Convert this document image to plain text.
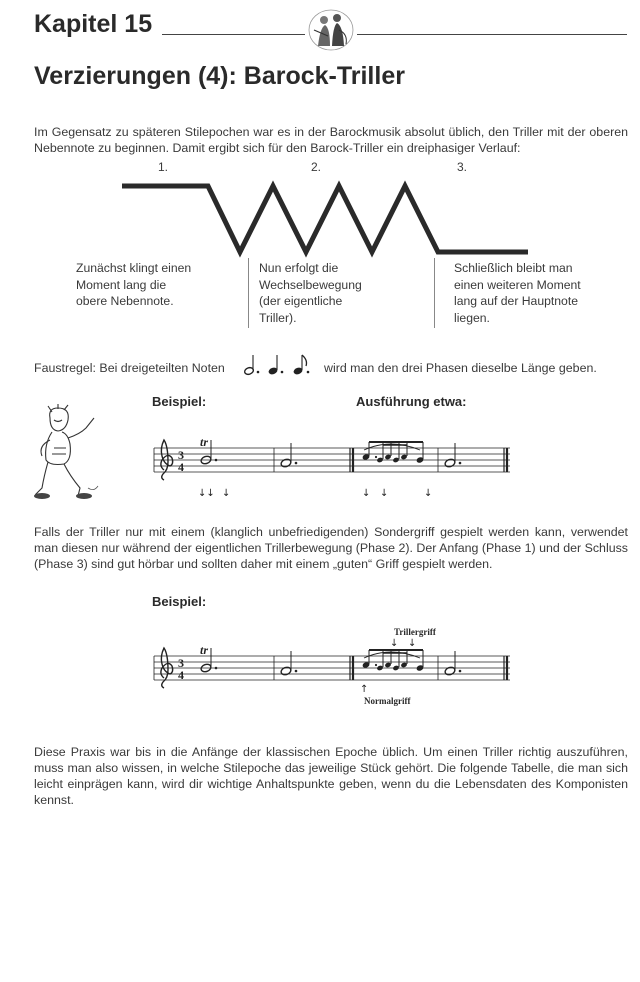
Kapitel 15
Verzierungen (4): Barock-Triller
Im Gegensatz zu späteren Stilepochen war es in der Barockmusik absolut üblich, den Triller mit der oberen Nebennote zu beginnen. Damit ergibt sich für den Barock-Triller ein dreiphasiger Verlauf:
1.	2.	3.
Zunächst klingt einen
Moment lang die
obere Nebennote.
Nun erfolgt die
Wechselbewegung
(der eigentliche
Triller).
Schließlich bleibt man
einen weiteren Moment
lang auf der Hauptnote
liegen.
Faustregel: Bei dreigeteilten Noten	wird man den drei Phasen dieselbe Länge geben.
Beispiel:	Ausführung etwa:
3
4
tr
↓↓ ↓	↓ ↓	↓
Falls der Triller nur mit einem (klanglich unbefriedigenden) Sondergriff gespielt werden kann, verwendet man diesen nur während der eigentlichen Trillerbewegung (Phase 2). Der Anfang (Phase 1) und der Schluss (Phase 3) sind gut hörbar und sollten daher mit einem „guten“ Griff gespielt werden.
Beispiel:
Trillergriff
3
4
tr	↓ ↓
↑
Normalgriff
Diese Praxis war bis in die Anfänge der klassischen Epoche üblich. Um einen Triller richtig auszuführen, muss man also wissen, in welche Stilepoche das jeweilige Stück gehört. Die folgende Tabelle, die man sich leicht einprägen kann, wird dir wichtige Anhaltspunkte geben, wenn du die Lebensdaten des Komponisten kennst.
